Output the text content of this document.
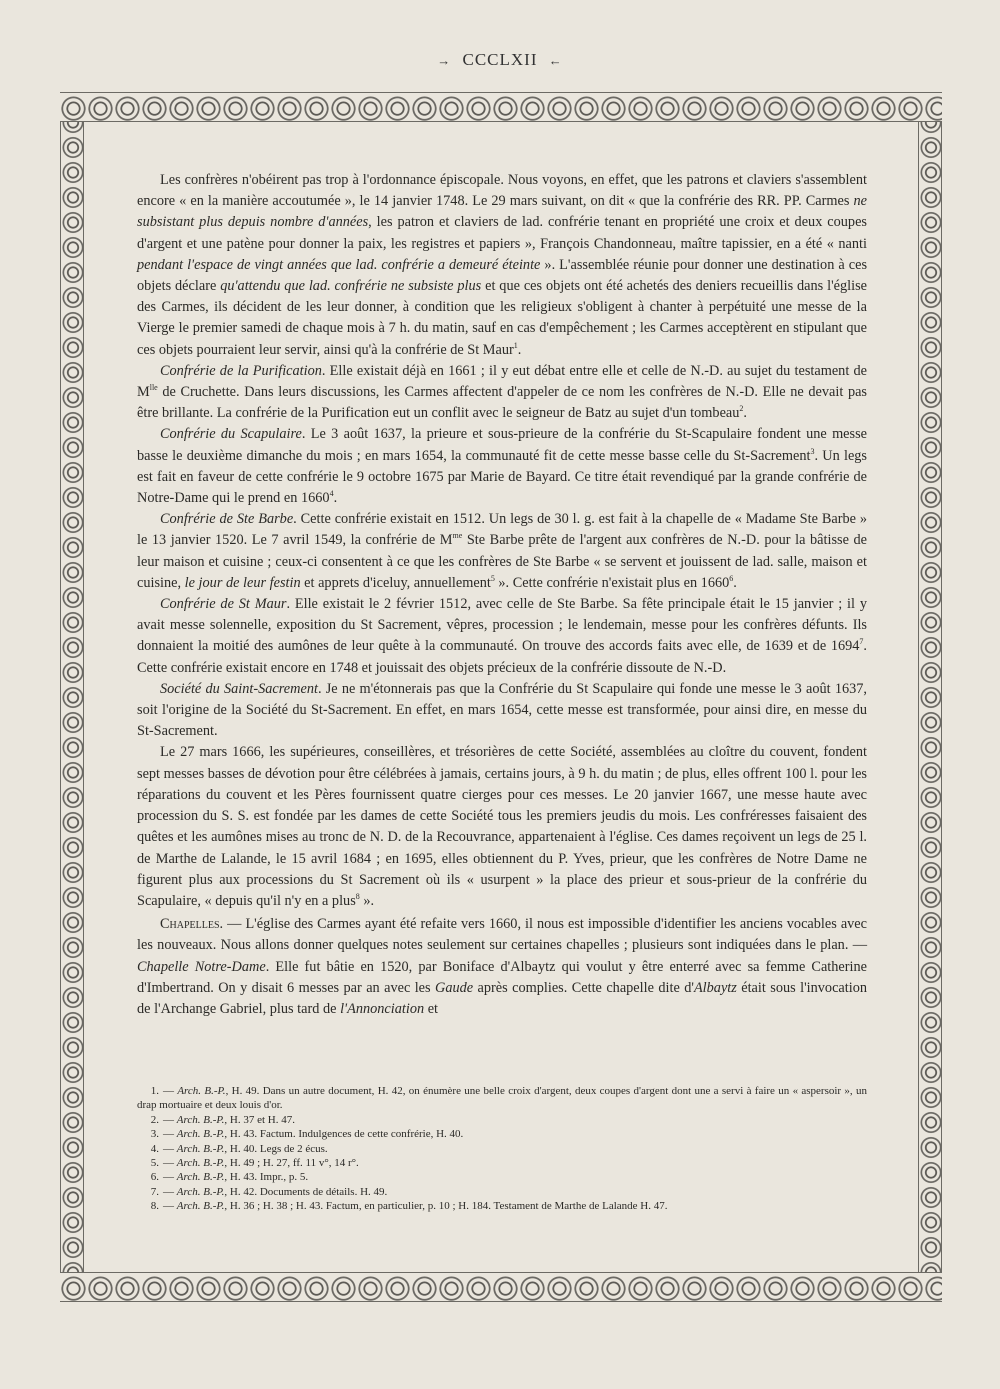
→ CCCLXII ←

Les confrères n'obéirent pas trop à l'ordonnance épiscopale. Nous voyons, en effet, que les patrons et claviers s'assemblent encore « en la manière accoutumée », le 14 janvier 1748. Le 29 mars suivant, on dit « que la confrérie des RR. PP. Carmes ne subsistant plus depuis nombre d'années, les patron et claviers de lad. confrérie tenant en propriété une croix et deux coupes d'argent et une patène pour donner la paix, les registres et papiers », François Chandonneau, maître tapissier, en a été « nanti pendant l'espace de vingt années que lad. confrérie a demeuré éteinte ». L'assemblée réunie pour donner une destination à ces objets déclare qu'attendu que lad. confrérie ne subsiste plus et que ces objets ont été achetés des deniers recueillis dans l'église des Carmes, ils décident de les leur donner, à condition que les religieux s'obligent à chanter à perpétuité une messe de la Vierge le premier samedi de chaque mois à 7 h. du matin, sauf en cas d'empêchement ; les Carmes acceptèrent en stipulant que ces objets pourraient leur servir, ainsi qu'à la confrérie de St Maur$^1$.

Confrérie de la Purification. Elle existait déjà en 1661 ; il y eut débat entre elle et celle de N.-D. au sujet du testament de $M^{lle}$ de Cruchette. Dans leurs discussions, les Carmes affectent d'appeler de ce nom les confrères de N.-D. Elle ne devait pas être brillante. La confrérie de la Purification eut un conflit avec le seigneur de Batz au sujet d'un tombeau$^2$.

Confrérie du Scapulaire. Le 3 août 1637, la prieure et sous-prieure de la confrérie du St-Scapulaire fondent une messe basse le deuxième dimanche du mois ; en mars 1654, la communauté fit de cette messe basse celle du St-Sacrement$^3$. Un legs est fait en faveur de cette confrérie le 9 octobre 1675 par Marie de Bayard. Ce titre était revendiqué par la grande confrérie de Notre-Dame qui le prend en 1660$^4$.

Confrérie de Ste Barbe. Cette confrérie existait en 1512. Un legs de 30 l. g. est fait à la chapelle de « Madame Ste Barbe » le 13 janvier 1520. Le 7 avril 1549, la confrérie de $M^{me}$ Ste Barbe prête de l'argent aux confrères de N.-D. pour la bâtisse de leur maison et cuisine ; ceux-ci consentent à ce que les confrères de Ste Barbe « se servent et jouissent de lad. salle, maison et cuisine, le jour de leur festin et apprets d'iceluy, annuellement$^5$ ». Cette confrérie n'existait plus en 1660$^6$.

Confrérie de St Maur. Elle existait le 2 février 1512, avec celle de Ste Barbe. Sa fête principale était le 15 janvier ; il y avait messe solennelle, exposition du St Sacrement, vêpres, procession ; le lendemain, messe pour les confrères défunts. Ils donnaient la moitié des aumônes de leur quête à la communauté. On trouve des accords faits avec elle, de 1639 et de 1694$^7$. Cette confrérie existait encore en 1748 et jouissait des objets précieux de la confrérie dissoute de N.-D.

Société du Saint-Sacrement. Je ne m'étonnerais pas que la Confrérie du St Scapulaire qui fonde une messe le 3 août 1637, soit l'origine de la Société du St-Sacrement. En effet, en mars 1654, cette messe est transformée, pour ainsi dire, en messe du St-Sacrement.

Le 27 mars 1666, les supérieures, conseillères, et trésorières de cette Société, assemblées au cloître du couvent, fondent sept messes basses de dévotion pour être célébrées à jamais, certains jours, à 9 h. du matin ; de plus, elles offrent 100 l. pour les réparations du couvent et les Pères fournissent quatre cierges pour ces messes. Le 20 janvier 1667, une messe haute avec procession du S. S. est fondée par les dames de cette Société tous les premiers jeudis du mois. Les confréresses faisaient des quêtes et les aumônes mises au tronc de N. D. de la Recouvrance, appartenaient à l'église. Ces dames reçoivent un legs de 25 l. de Marthe de Lalande, le 15 avril 1684 ; en 1695, elles obtiennent du P. Yves, prieur, que les confrères de Notre Dame ne figurent plus aux processions du St Sacrement où ils « usurpent » la place des prieur et sous-prieur de la confrérie du Scapulaire, « depuis qu'il n'y en a plus$^8$ ».

Chapelles. — L'église des Carmes ayant été refaite vers 1660, il nous est impossible d'identifier les anciens vocables avec les nouveaux. Nous allons donner quelques notes seulement sur certaines chapelles ; plusieurs sont indiquées dans le plan. — Chapelle Notre-Dame. Elle fut bâtie en 1520, par Boniface d'Albaytz qui voulut y être enterré avec sa femme Catherine d'Imbertrand. On y disait 6 messes par an avec les Gaude après complies. Cette chapelle dite d'Albaytz était sous l'invocation de l'Archange Gabriel, plus tard de l'Annonciation et

1. — Arch. B.-P., H. 49. Dans un autre document, H. 42, on énumère une belle croix d'argent, deux coupes d'argent dont une a servi à faire un « aspersoir », un drap mortuaire et deux louis d'or.
2. — Arch. B.-P., H. 37 et H. 47.
3. — Arch. B.-P., H. 43. Factum. Indulgences de cette confrérie, H. 40.
4. — Arch. B.-P., H. 40. Legs de 2 écus.
5. — Arch. B.-P., H. 49 ; H. 27, ff. 11 v°, 14 r°.
6. — Arch. B.-P., H. 43. Impr., p. 5.
7. — Arch. B.-P., H. 42. Documents de détails. H. 49.
8. — Arch. B.-P., H. 36 ; H. 38 ; H. 43. Factum, en particulier, p. 10 ; H. 184. Testament de Marthe de Lalande H. 47.
